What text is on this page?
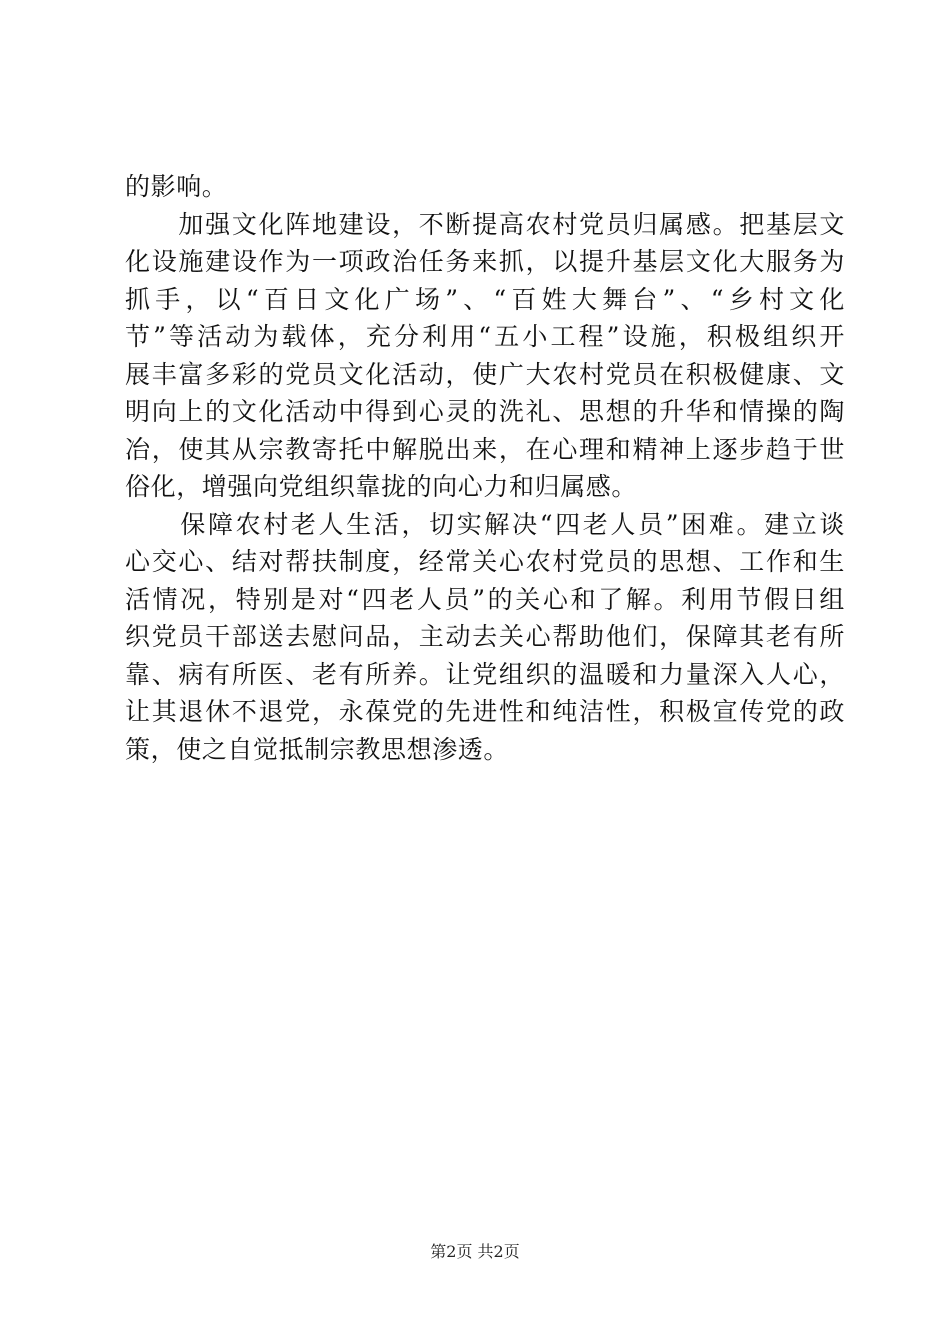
的影响。
　　加强文化阵地建设，不断提高农村党员归属感。把基层文
化设施建设作为一项政治任务来抓，以提升基层文化大服务为
抓手，以“百日文化广场”、“百姓大舞台”、“乡村文化
节”等活动为载体，充分利用“五小工程”设施，积极组织开
展丰富多彩的党员文化活动，使广大农村党员在积极健康、文
明向上的文化活动中得到心灵的洗礼、思想的升华和情操的陶
冶，使其从宗教寄托中解脱出来，在心理和精神上逐步趋于世
俗化，增强向党组织靠拢的向心力和归属感。
　　保障农村老人生活，切实解决“四老人员”困难。建立谈
心交心、结对帮扶制度，经常关心农村党员的思想、工作和生
活情况，特别是对“四老人员”的关心和了解。利用节假日组
织党员干部送去慰问品，主动去关心帮助他们，保障其老有所
靠、病有所医、老有所养。让党组织的温暖和力量深入人心，
让其退休不退党，永葆党的先进性和纯洁性，积极宣传党的政
策，使之自觉抵制宗教思想渗透。
第2页 共2页
